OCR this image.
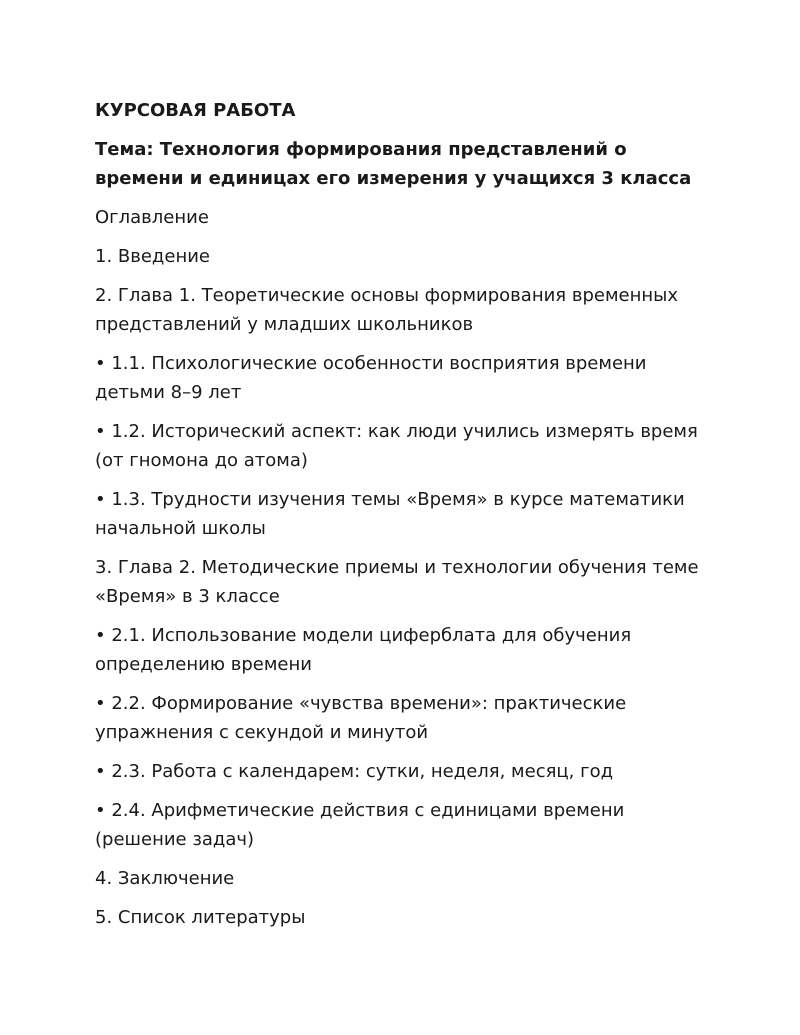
КУРСОВАЯ РАБОТА

Тема: Технология формирования представлений о времени и единицах его измерения у учащихся 3 класса

Оглавление

1. Введение
2. Глава 1. Теоретические основы формирования временных представлений у младших школьников
• 1.1. Психологические особенности восприятия времени детьми 8–9 лет
• 1.2. Исторический аспект: как люди учились измерять время (от гномона до атома)
• 1.3. Трудности изучения темы «Время» в курсе математики начальной школы
3. Глава 2. Методические приемы и технологии обучения теме «Время» в 3 классе
• 2.1. Использование модели циферблата для обучения определению времени
• 2.2. Формирование «чувства времени»: практические упражнения с секундой и минутой
• 2.3. Работа с календарем: сутки, неделя, месяц, год
• 2.4. Арифметические действия с единицами времени (решение задач)
4. Заключение
5. Список литературы
